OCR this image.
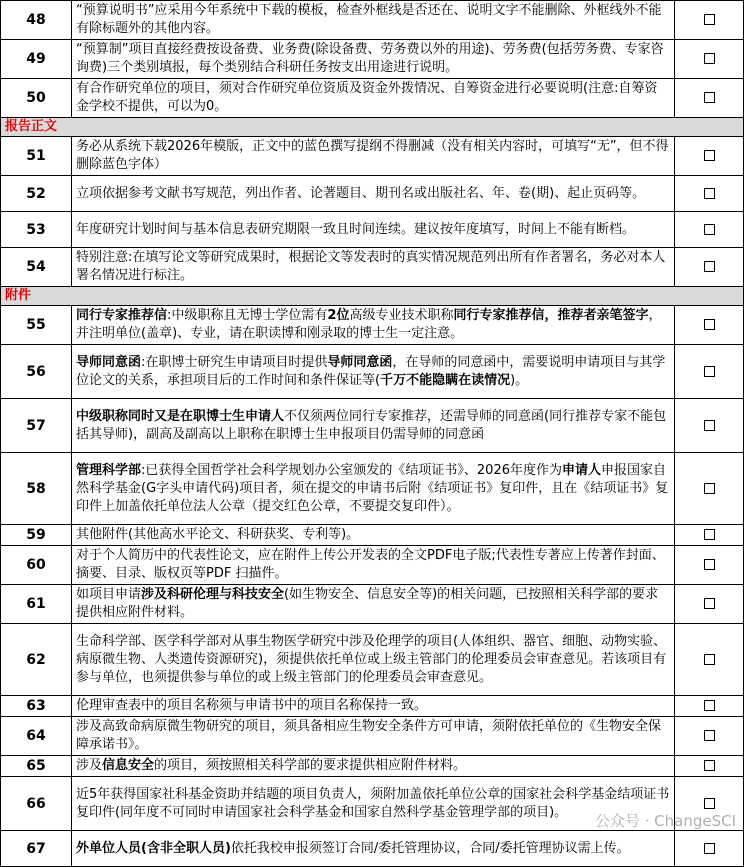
48	“预算说明书”应采用今年系统中下载的模板，检查外框线是否还在、说明文字不能删除、外框线外不能有除标题外的其他内容。	
49	“预算制”项目直接经费按设备费、业务费(除设备费、劳务费以外的用途)、劳务费(包括劳务费、专家咨询费)三个类别填报，每个类别结合科研任务按支出用途进行说明。	
50	有合作研究单位的项目，须对合作研究单位资质及资金外拨情况、自筹资金进行必要说明(注意:自筹资金学校不提供，可以为0。	
报告正文		
51	务必从系统下载2026年模版，正文中的蓝色撰写提纲不得删减（没有相关内容时，可填写“无”，但不得删除蓝色字体）	
52	立项依据参考文献书写规范，列出作者、论著题目、期刊名或出版社名、年、卷(期)、起止页码等。	
53	年度研究计划时间与基本信息表研究期限一致且时间连续。建议按年度填写，时间上不能有断档。	
54	特别注意:在填写论文等研究成果时，根据论文等发表时的真实情况规范列出所有作者署名，务必对本人署名情况进行标注。	
附件		
55	同行专家推荐信:中级职称且无博士学位需有2位高级专业技术职称同行专家推荐信，推荐者亲笔签字，并注明单位(盖章)、专业，请在职读博和刚录取的博士生一定注意。	
56	导师同意函:在职博士研究生申请项目时提供导师同意函，在导师的同意函中，需要说明申请项目与其学位论文的关系，承担项目后的工作时间和条件保证等(千万不能隐瞒在读情况)。	
57	中级职称同时又是在职博士生申请人不仅须两位同行专家推荐，还需导师的同意函(同行推荐专家不能包括其导师)，副高及副高以上职称在职博士生申报项目仍需导师的同意函	
58	管理科学部:已获得全国哲学社会科学规划办公室颁发的《结项证书》、2026年度作为申请人申报国家自然科学基金(G字头申请代码)项目者，须在提交的申请书后附《结项证书》复印件，且在《结项证书》复印件上加盖依托单位法人公章（提交红色公章，不要提交复印件）。	
59	其他附件(其他高水平论文、科研获奖、专利等)。	
60	对于个人简历中的代表性论文，应在附件上传公开发表的全文PDF电子版;代表性专著应上传著作封面、摘要、目录、版权页等PDF 扫描件。	
61	如项目申请涉及科研伦理与科技安全(如生物安全、信息安全等)的相关问题，已按照相关科学部的要求提供相应附件材料。	
62	生命科学部、医学科学部对从事生物医学研究中涉及伦理学的项目(人体组织、器官、细胞、动物实验、病原微生物、人类遗传资源研究)，须提供依托单位或上级主管部门的伦理委员会审查意见。若该项目有参与单位，也须提供参与单位的或上级主管部门的伦理委员会审查意见。	
63	伦理审查表中的项目名称须与申请书中的项目名称保持一致。	
64	涉及高致命病原微生物研究的项目，须具备相应生物安全条件方可申请，须附依托单位的《生物安全保障承诺书》。	
65	涉及信息安全的项目，须按照相关科学部的要求提供相应附件材料。	
66	近5年获得国家社科基金资助并结题的项目负责人，须附加盖依托单位公章的国家社会科学基金结项证书复印件(同年度不可同时申请国家社会科学基金和国家自然科学基金管理学部的项目)。	
67	外单位人员(含非全职人员)依托我校申报须签订合同/委托管理协议，合同/委托管理协议需上传。	
公众号 · ChangeSCI
